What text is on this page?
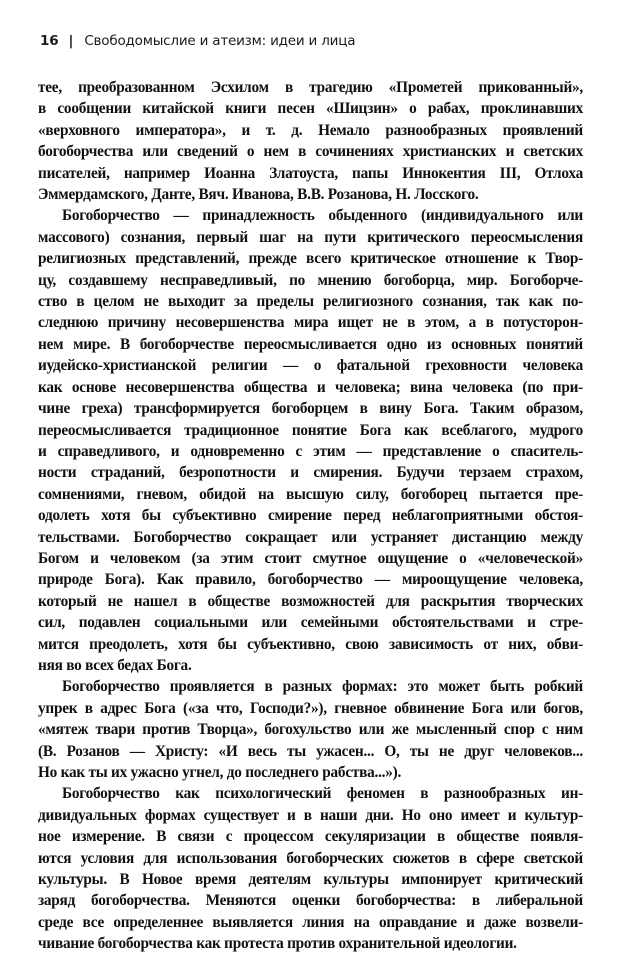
16 | Свободомыслие и атеизм: идеи и лица

тее, преобразованном Эсхилом в трагедию «Прометей прикованный»,

в сообщении китайской книги песен «Шицзин» о рабах, проклинавших

«верховного императора», и т. д. Немало разнообразных проявлений

богоборчества или сведений о нем в сочинениях христианских и светских

писателей, например Иоанна Златоуста, папы Иннокентия III, Отлоха

Эммердамского, Данте, Вяч. Иванова, В.В. Розанова, Н. Лосского.

Богоборчество — принадлежность обыденного (индивидуального или

массового) сознания, первый шаг на пути критического переосмысления

религиозных представлений, прежде всего критическое отношение к Твор-

цу, создавшему несправедливый, по мнению богоборца, мир. Богоборче-

ство в целом не выходит за пределы религиозного сознания, так как по-

следнюю причину несовершенства мира ищет не в этом, а в потусторон-

нем мире. В богоборчестве переосмысливается одно из основных понятий

иудейско-христианской религии — о фатальной греховности человека

как основе несовершенства общества и человека; вина человека (по при-

чине греха) трансформируется богоборцем в вину Бога. Таким образом,

переосмысливается традиционное понятие Бога как всеблагого, мудрого

и справедливого, и одновременно с этим — представление о спаситель-

ности страданий, безропотности и смирения. Будучи терзаем страхом,

сомнениями, гневом, обидой на высшую силу, богоборец пытается пре-

одолеть хотя бы субъективно смирение перед неблагоприятными обстоя-

тельствами. Богоборчество сокращает или устраняет дистанцию между

Богом и человеком (за этим стоит смутное ощущение о «человеческой»

природе Бога). Как правило, богоборчество — мироощущение человека,

который не нашел в обществе возможностей для раскрытия творческих

сил, подавлен социальными или семейными обстоятельствами и стре-

мится преодолеть, хотя бы субъективно, свою зависимость от них, обви-

няя во всех бедах Бога.

Богоборчество проявляется в разных формах: это может быть робкий

упрек в адрес Бога («за что, Господи?»), гневное обвинение Бога или богов,

«мятеж твари против Творца», богохульство или же мысленный спор с ним

(В. Розанов — Христу: «И весь ты ужасен... О, ты не друг человеков...

Но как ты их ужасно угнел, до последнего рабства...»).

Богоборчество как психологический феномен в разнообразных ин-

дивидуальных формах существует и в наши дни. Но оно имеет и культур-

ное измерение. В связи с процессом секуляризации в обществе появля-

ются условия для использования богоборческих сюжетов в сфере светской

культуры. В Новое время деятелям культуры импонирует критический

заряд богоборчества. Меняются оценки богоборчества: в либеральной

среде все определеннее выявляется линия на оправдание и даже возвели-

чивание богоборчества как протеста против охранительной идеологии.
